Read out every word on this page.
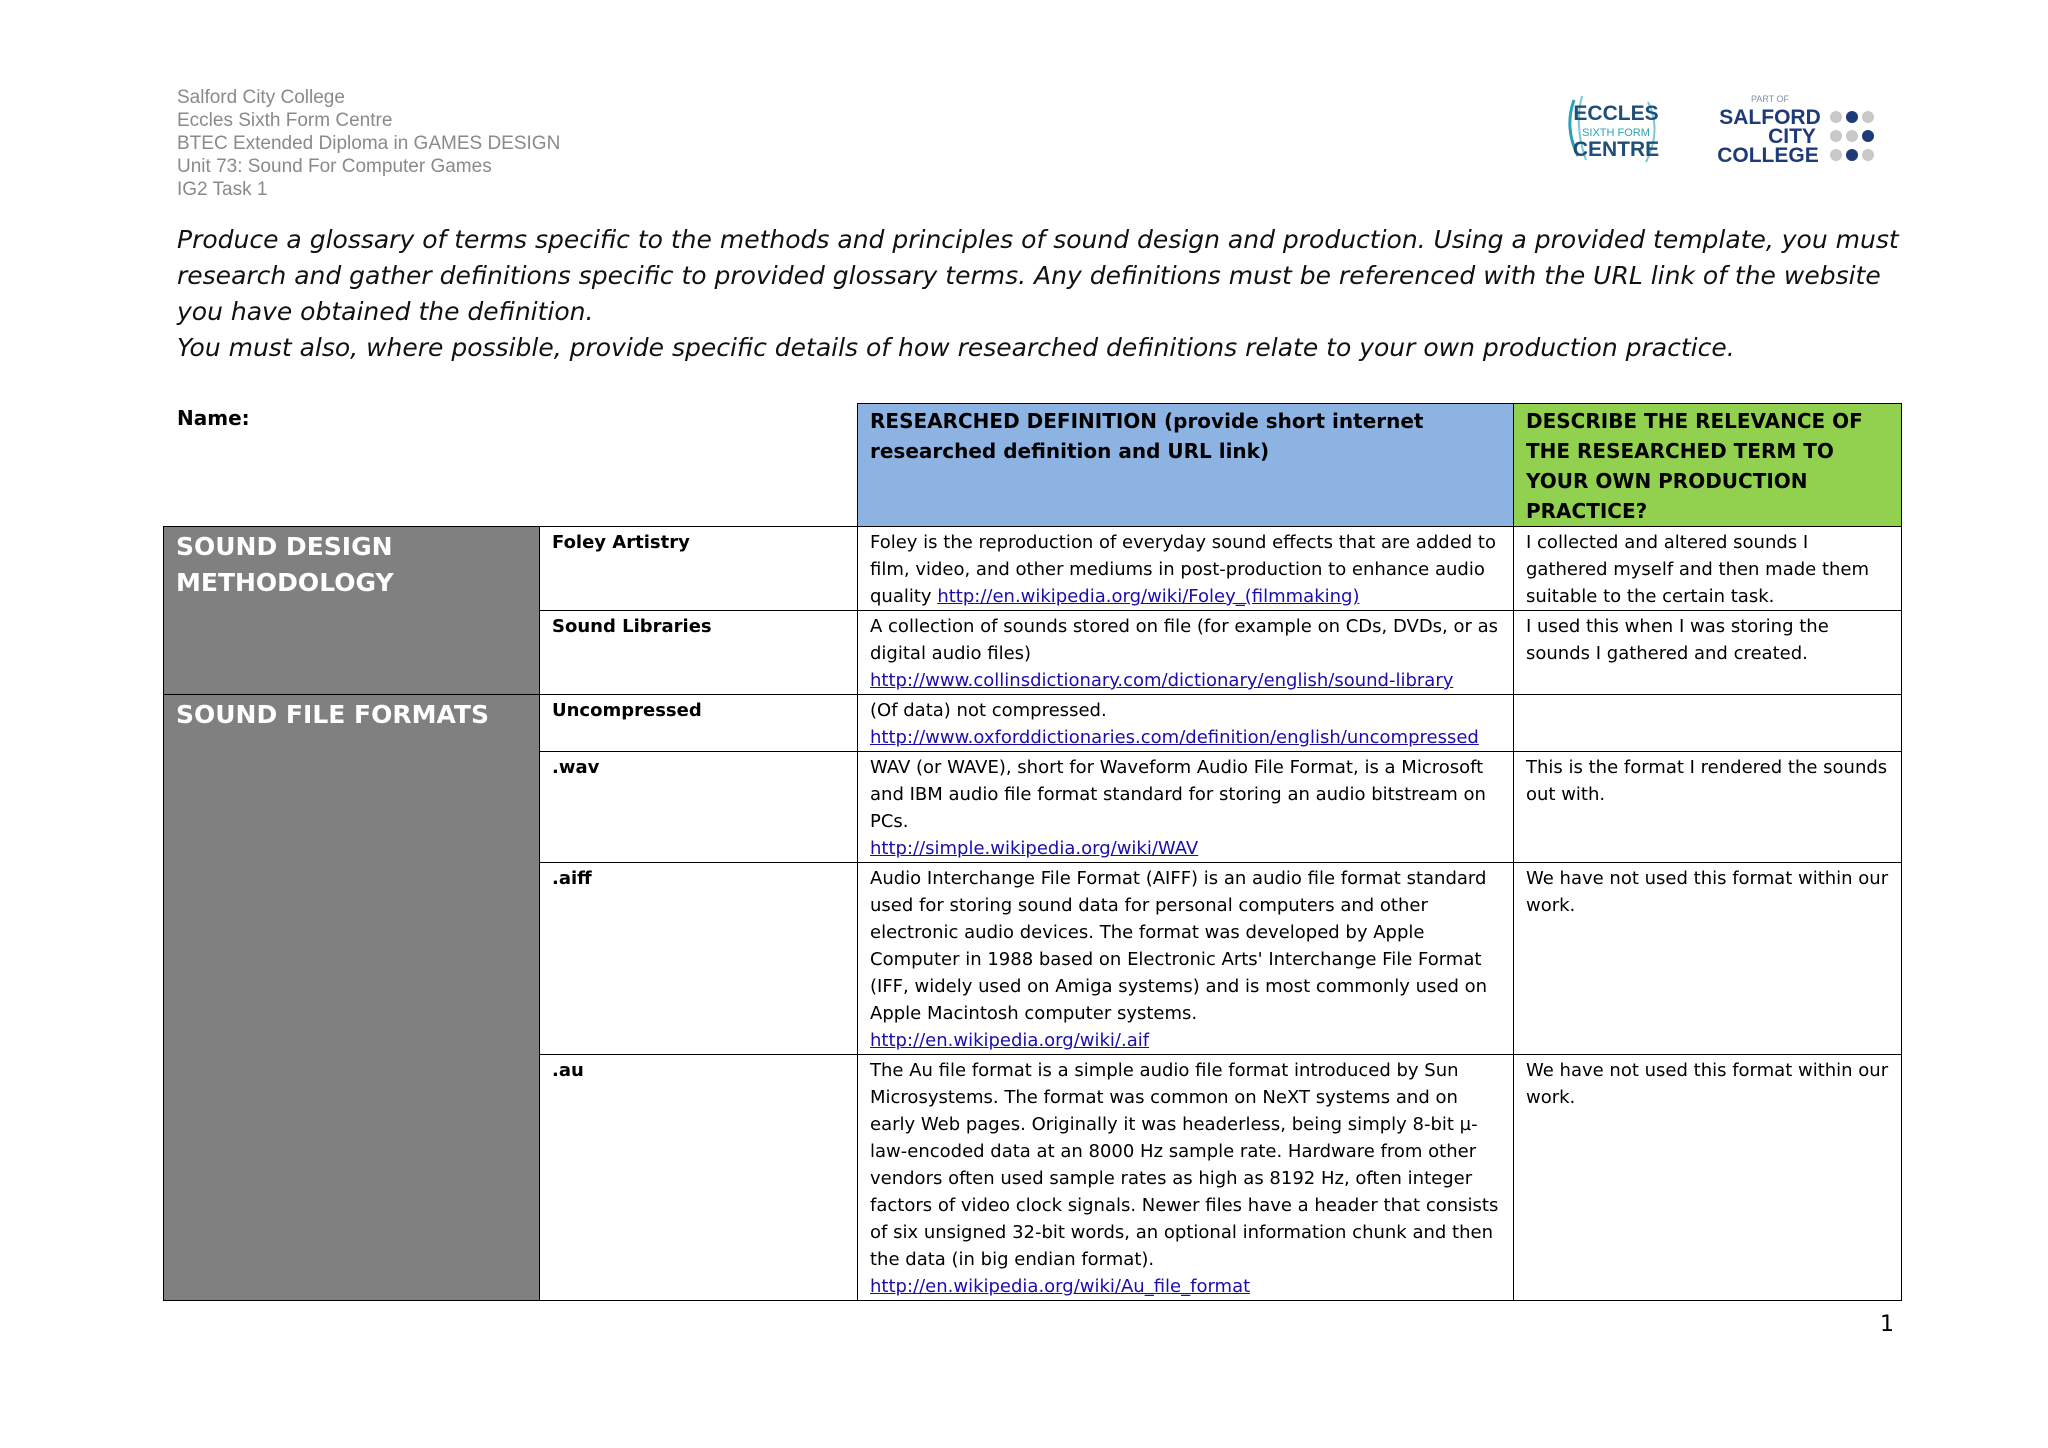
Salford City College
Eccles Sixth Form Centre
BTEC Extended Diploma in GAMES DESIGN
Unit 73: Sound For Computer Games
IG2 Task 1
ECCLES
SIXTH FORM
CENTRE
PART OF
SALFORD
CITY
COLLEGE

Produce a glossary of terms specific to the methods and principles of sound design and production. Using a provided template, you must research and gather definitions specific to provided glossary terms. Any definitions must be referenced with the URL link of the website you have obtained the definition.

You must also, where possible, provide specific details of how researched definitions relate to your own production practice.

Name:
		RESEARCHED DEFINITION (provide short internet researched definition and URL link)	DESCRIBE THE RELEVANCE OF THE RESEARCHED TERM TO YOUR OWN PRODUCTION PRACTICE?
SOUND DESIGN METHODOLOGY	Foley Artistry	Foley is the reproduction of everyday sound effects that are added to film, video, and other mediums in post-production to enhance audio quality http://en.wikipedia.org/wiki/Foley_(filmmaking)	I collected and altered sounds I gathered myself and then made them suitable to the certain task.
	Sound Libraries	A collection of sounds stored on file (for example on CDs, DVDs, or as digital audio files)
http://www.collinsdictionary.com/dictionary/english/sound-library	I used this when I was storing the sounds I gathered and created.
SOUND FILE FORMATS	Uncompressed	(Of data) not compressed.
http://www.oxforddictionaries.com/definition/english/uncompressed	
	.wav	WAV (or WAVE), short for Waveform Audio File Format, is a Microsoft and IBM audio file format standard for storing an audio bitstream on PCs.
http://simple.wikipedia.org/wiki/WAV	This is the format I rendered the sounds out with.
	.aiff	Audio Interchange File Format (AIFF) is an audio file format standard used for storing sound data for personal computers and other electronic audio devices. The format was developed by Apple Computer in 1988 based on Electronic Arts' Interchange File Format (IFF, widely used on Amiga systems) and is most commonly used on Apple Macintosh computer systems.
http://en.wikipedia.org/wiki/.aif	We have not used this format within our work.
	.au	The Au file format is a simple audio file format introduced by Sun Microsystems. The format was common on NeXT systems and on early Web pages. Originally it was headerless, being simply 8-bit µ-law-encoded data at an 8000 Hz sample rate. Hardware from other vendors often used sample rates as high as 8192 Hz, often integer factors of video clock signals. Newer files have a header that consists of six unsigned 32-bit words, an optional information chunk and then the data (in big endian format).
http://en.wikipedia.org/wiki/Au_file_format	We have not used this format within our work.
1
